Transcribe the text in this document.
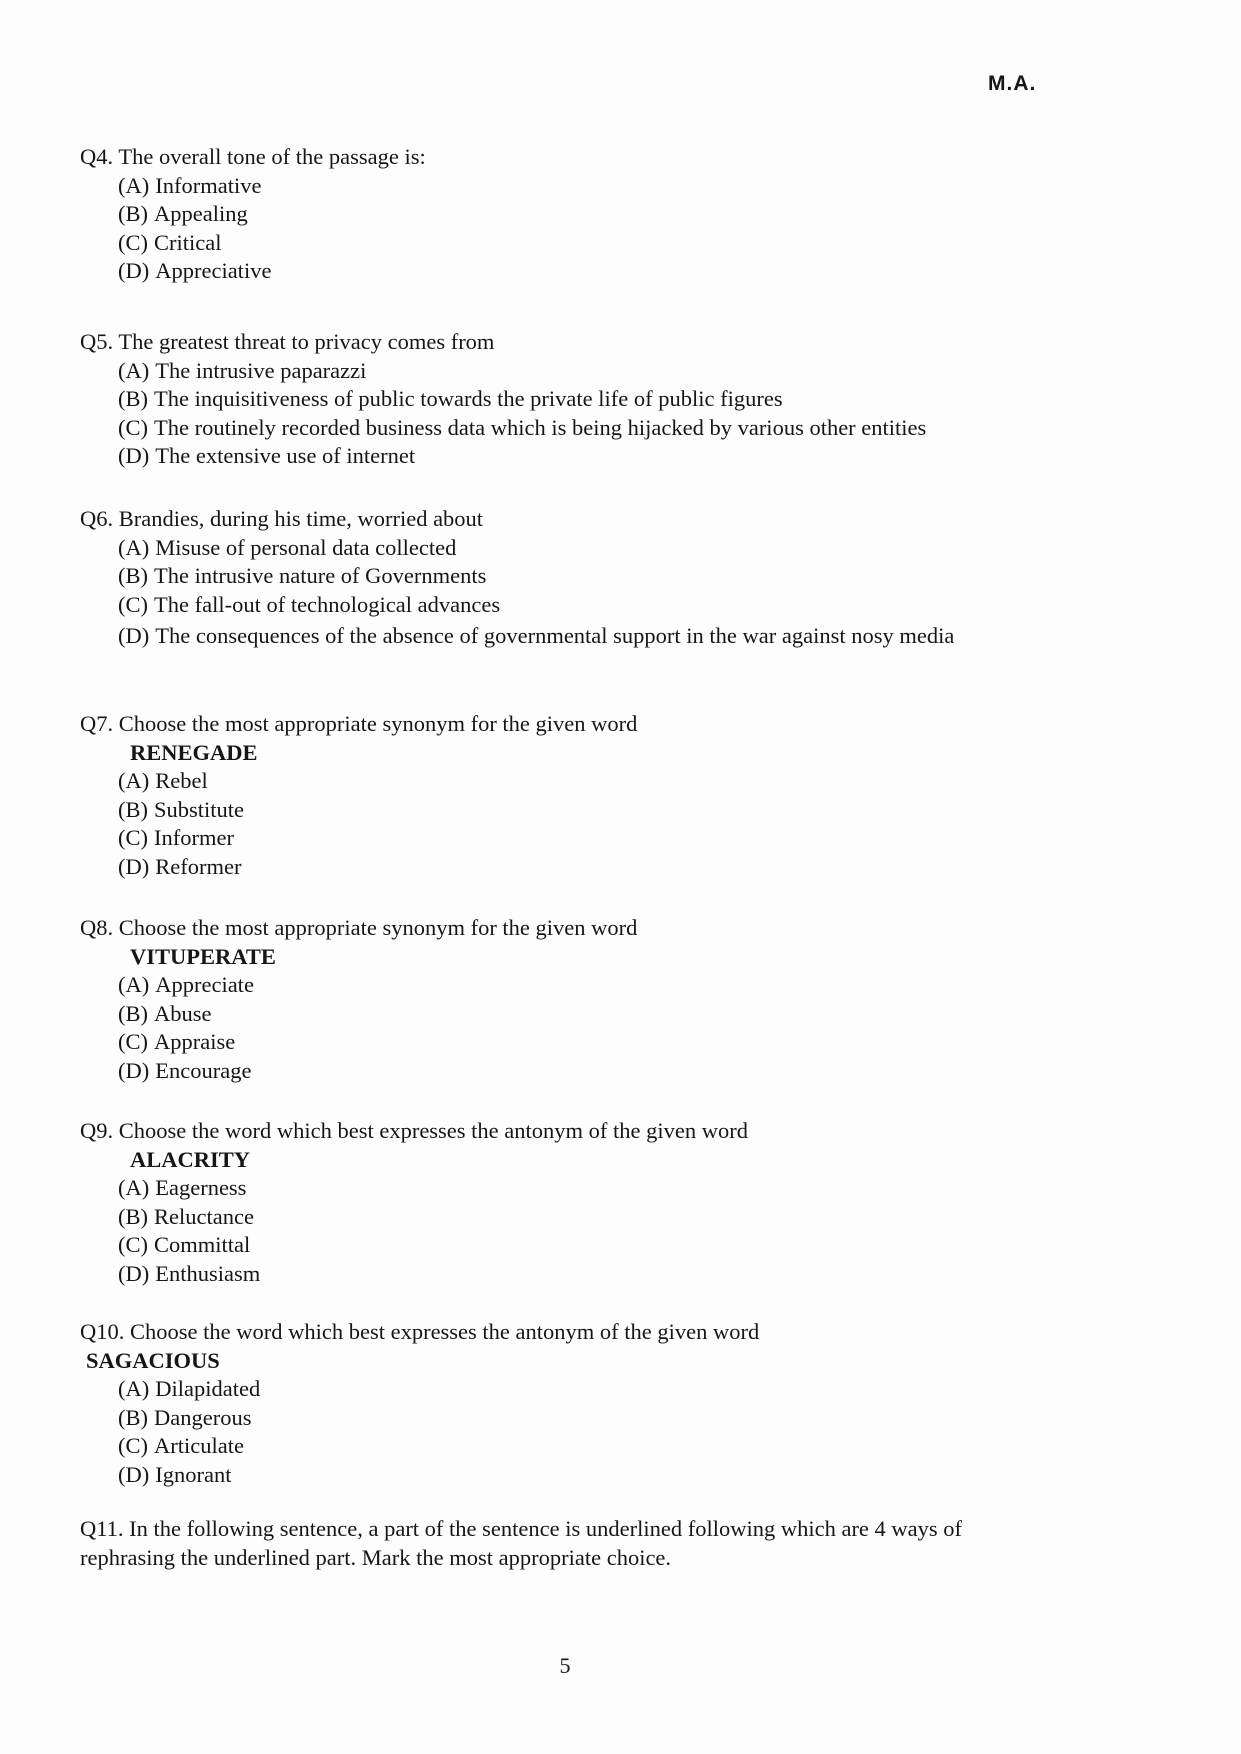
M.A.
Q4. The overall tone of the passage is:
(A) Informative
(B) Appealing
(C) Critical
(D) Appreciative
Q5. The greatest threat to privacy comes from
(A) The intrusive paparazzi
(B) The inquisitiveness of public towards the private life of public figures
(C) The routinely recorded business data which is being hijacked by various other entities
(D) The extensive use of internet
Q6. Brandies, during his time, worried about
(A) Misuse of personal data collected
(B) The intrusive nature of Governments
(C) The fall-out of technological advances
(D) The consequences of the absence of governmental support in the war against nosy media
Q7. Choose the most appropriate synonym for the given word
RENEGADE
(A) Rebel
(B) Substitute
(C) Informer
(D) Reformer
Q8. Choose the most appropriate synonym for the given word
VITUPERATE
(A) Appreciate
(B) Abuse
(C) Appraise
(D) Encourage
Q9. Choose the word which best expresses the antonym of the given word
ALACRITY
(A) Eagerness
(B) Reluctance
(C) Committal
(D) Enthusiasm
Q10. Choose the word which best expresses the antonym of the given word
SAGACIOUS
(A) Dilapidated
(B) Dangerous
(C) Articulate
(D) Ignorant
Q11. In the following sentence, a part of the sentence is underlined following which are 4 ways of rephrasing the underlined part. Mark the most appropriate choice.
5
